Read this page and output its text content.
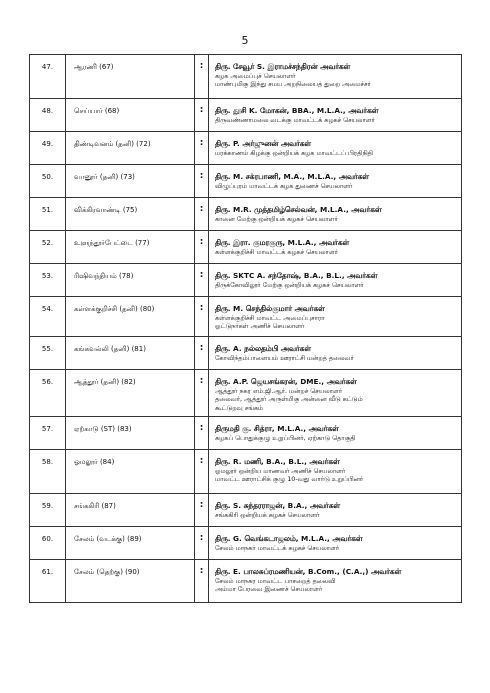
5
47.	ஆரணி (67)	:	திரு. சேவூர் S. இராமச்சந்திரன் அவர்கள்
கழக அமைப்புச் செயலாளர்
மாண்புமிகு இந்து சமய அறநிலையத் துறை அமைச்சர்

48.	செய்யார் (68)	:	திரு. தூசி K. மோகன், BBA., M.L.A., அவர்கள்
திருவண்ணாமலை வடக்கு மாவட்டக் கழகச் செயலாளர்

49.	திண்டிவனம் (தனி) (72)	:	திரு. P. அர்ஜுனன் அவர்கள்
மரக்காணம் கிழக்கு ஒன்றியக் கழக மாவட்டப் பிரதிநிதி

50.	வானூர் (தனி) (73)	:	திரு. M. சக்ரபாணி, M.A., M.L.A., அவர்கள்
விழுப்புரம் மாவட்டக் கழக துணைச் செயலாளர்

51.	விக்கிரவாண்டி (75)	:	திரு. M.R. முத்தமிழ்செல்வன், M.L.A., அவர்கள்
கானை மேற்கு ஒன்றியக் கழகச் செயலாளர்

52.	உளுந்தூர்பேட்டை (77)	:	திரு. இரா. குமரகுரு, M.L.A., அவர்கள்
கள்ளக்குறிச்சி மாவட்டக் கழகச் செயலாளர்

53.	ரிஷிவந்தியம் (78)	:	திரு. SKTC A. சந்தோஷ், B.A., B.L., அவர்கள்
திருக்கோவிலூர் மேற்கு ஒன்றியக் கழகச் செயலாளர்

54.	கள்ளக்குறிச்சி (தனி) (80)	:	திரு. M. செந்தில்குமார் அவர்கள்
கள்ளக்குறிச்சி மாவட்ட அமைப்புசாரா
ஓட்டுநர்கள் அணிச் செயலாளர்

55.	கங்கவல்லி (தனி) (81)	:	திரு. A. நல்லதம்பி அவர்கள்
கோவிந்தம்பாளையம் ஊராட்சி மன்றத் தலைவர்

56.	ஆத்தூர் (தனி) (82)	:	திரு. A.P. ஜெயசங்கரன், DME., அவர்கள்
ஆத்தூர் நகர எம்.ஜி.ஆர். மன்றச் செயலாளர்
தலைவர், ஆத்தூர் அருள்மிகு அன்னை வீடு கட்டும்
கூட்டுறவு சங்கம்

57.	ஏற்காடு (ST) (83)	:	திருமதி கு. சித்ரா, M.L.A., அவர்கள்
கழகப் பொதுக்குழு உறுப்பினர், ஏற்காடு தொகுதி

58.	ஓமலூர் (84)	:	திரு. R. மணி, B.A., B.L., அவர்கள்
ஓமலூர் ஒன்றிய மாணவர் அணிச் செயலாளர்
மாவட்ட ஊராட்சிக் குழு 10-வது வார்டு உறுப்பினர்

59.	சங்ககிரி (87)	:	திரு. S. சுந்தரராஜன், B.A., அவர்கள்
சங்ககிரி ஒன்றியக் கழகச் செயலாளர்

60.	சேலம் (வடக்கு) (89)	:	திரு. G. வெங்கடாஜலம், M.L.A., அவர்கள்
சேலம் மாநகர் மாவட்டக் கழகச் செயலாளர்

61.	சேலம் (தெற்கு) (90)	:	திரு. E. பாலசுப்ரமணியன், B.Com., (C.A.,) அவர்கள்
சேலம் மாநகர மாவட்ட பாசறைத் தலைவி
அம்மா பேரவை இணைச் செயலாளர்
